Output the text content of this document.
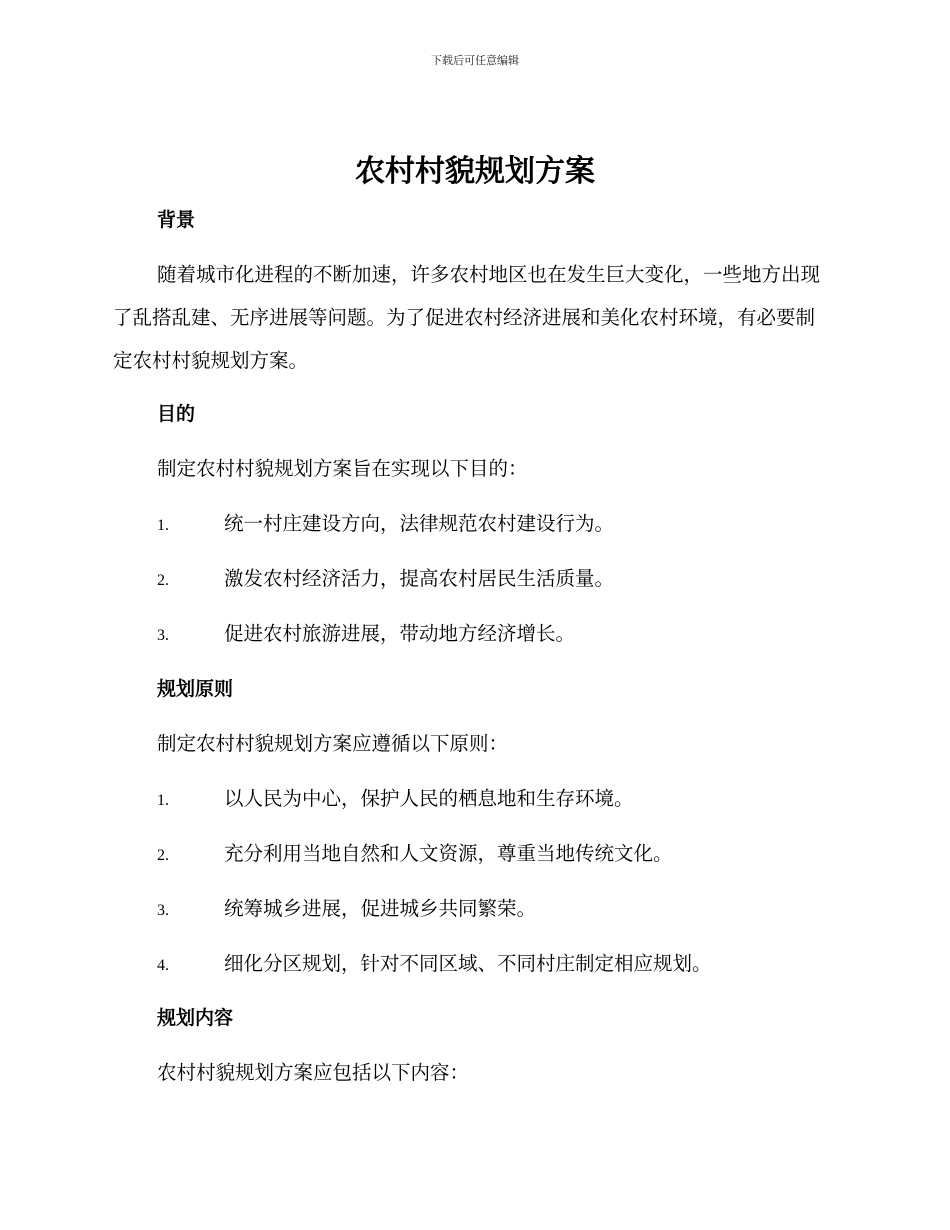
下载后可任意编辑
农村村貌规划方案
背景

随着城市化进程的不断加速，许多农村地区也在发生巨大变化，一些地方出现了乱搭乱建、无序进展等问题。为了促进农村经济进展和美化农村环境，有必要制定农村村貌规划方案。

目的

制定农村村貌规划方案旨在实现以下目的：

1.	统一村庄建设方向，法律规范农村建设行为。
2.	激发农村经济活力，提高农村居民生活质量。
3.	促进农村旅游进展，带动地方经济增长。
规划原则

制定农村村貌规划方案应遵循以下原则：

1.	以人民为中心，保护人民的栖息地和生存环境。
2.	充分利用当地自然和人文资源，尊重当地传统文化。
3.	统筹城乡进展，促进城乡共同繁荣。
4.	细化分区规划，针对不同区域、不同村庄制定相应规划。
规划内容

农村村貌规划方案应包括以下内容：
